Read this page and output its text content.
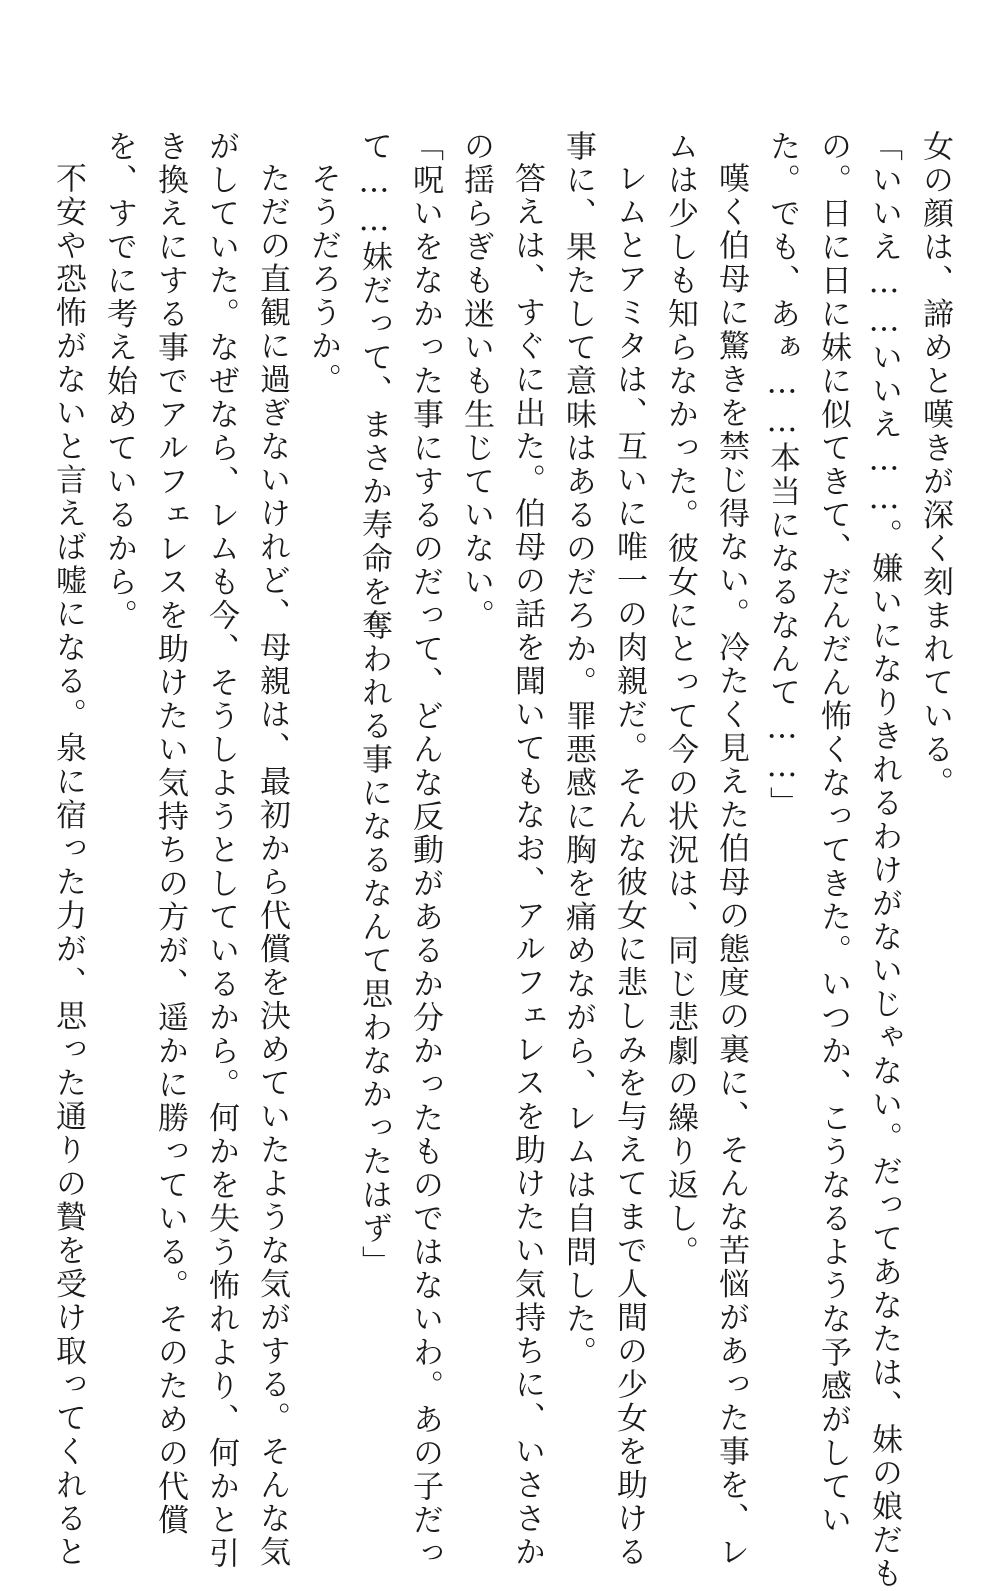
女の顔は、諦めと嘆きが深く刻まれている。
「いいえ……いいえ……。嫌いになりきれるわけがないじゃない。だってあなたは、妹の娘だも
の。日に日に妹に似てきて、だんだん怖くなってきた。いつか、こうなるような予感がしてい
た。でも、あぁ……本当になるなんて……」
嘆く伯母に驚きを禁じ得ない。冷たく見えた伯母の態度の裏に、そんな苦悩があった事を、レ
ムは少しも知らなかった。彼女にとって今の状況は、同じ悲劇の繰り返し。
レムとアミタは、互いに唯一の肉親だ。そんな彼女に悲しみを与えてまで人間の少女を助ける
事に、果たして意味はあるのだろか。罪悪感に胸を痛めながら、レムは自問した。
答えは、すぐに出た。伯母の話を聞いてもなお、アルフェレスを助けたい気持ちに、いささか
の揺らぎも迷いも生じていない。
「呪いをなかった事にするのだって、どんな反動があるか分かったものではないわ。あの子だっ
て……妹だって、まさか寿命を奪われる事になるなんて思わなかったはず」
そうだろうか。
ただの直観に過ぎないけれど、母親は、最初から代償を決めていたような気がする。そんな気
がしていた。なぜなら、レムも今、そうしようとしているから。何かを失う怖れより、何かと引
き換えにする事でアルフェレスを助けたい気持ちの方が、遥かに勝っている。そのための代償
を、すでに考え始めているから。
不安や恐怖がないと言えば嘘になる。泉に宿った力が、思った通りの贄を受け取ってくれると
